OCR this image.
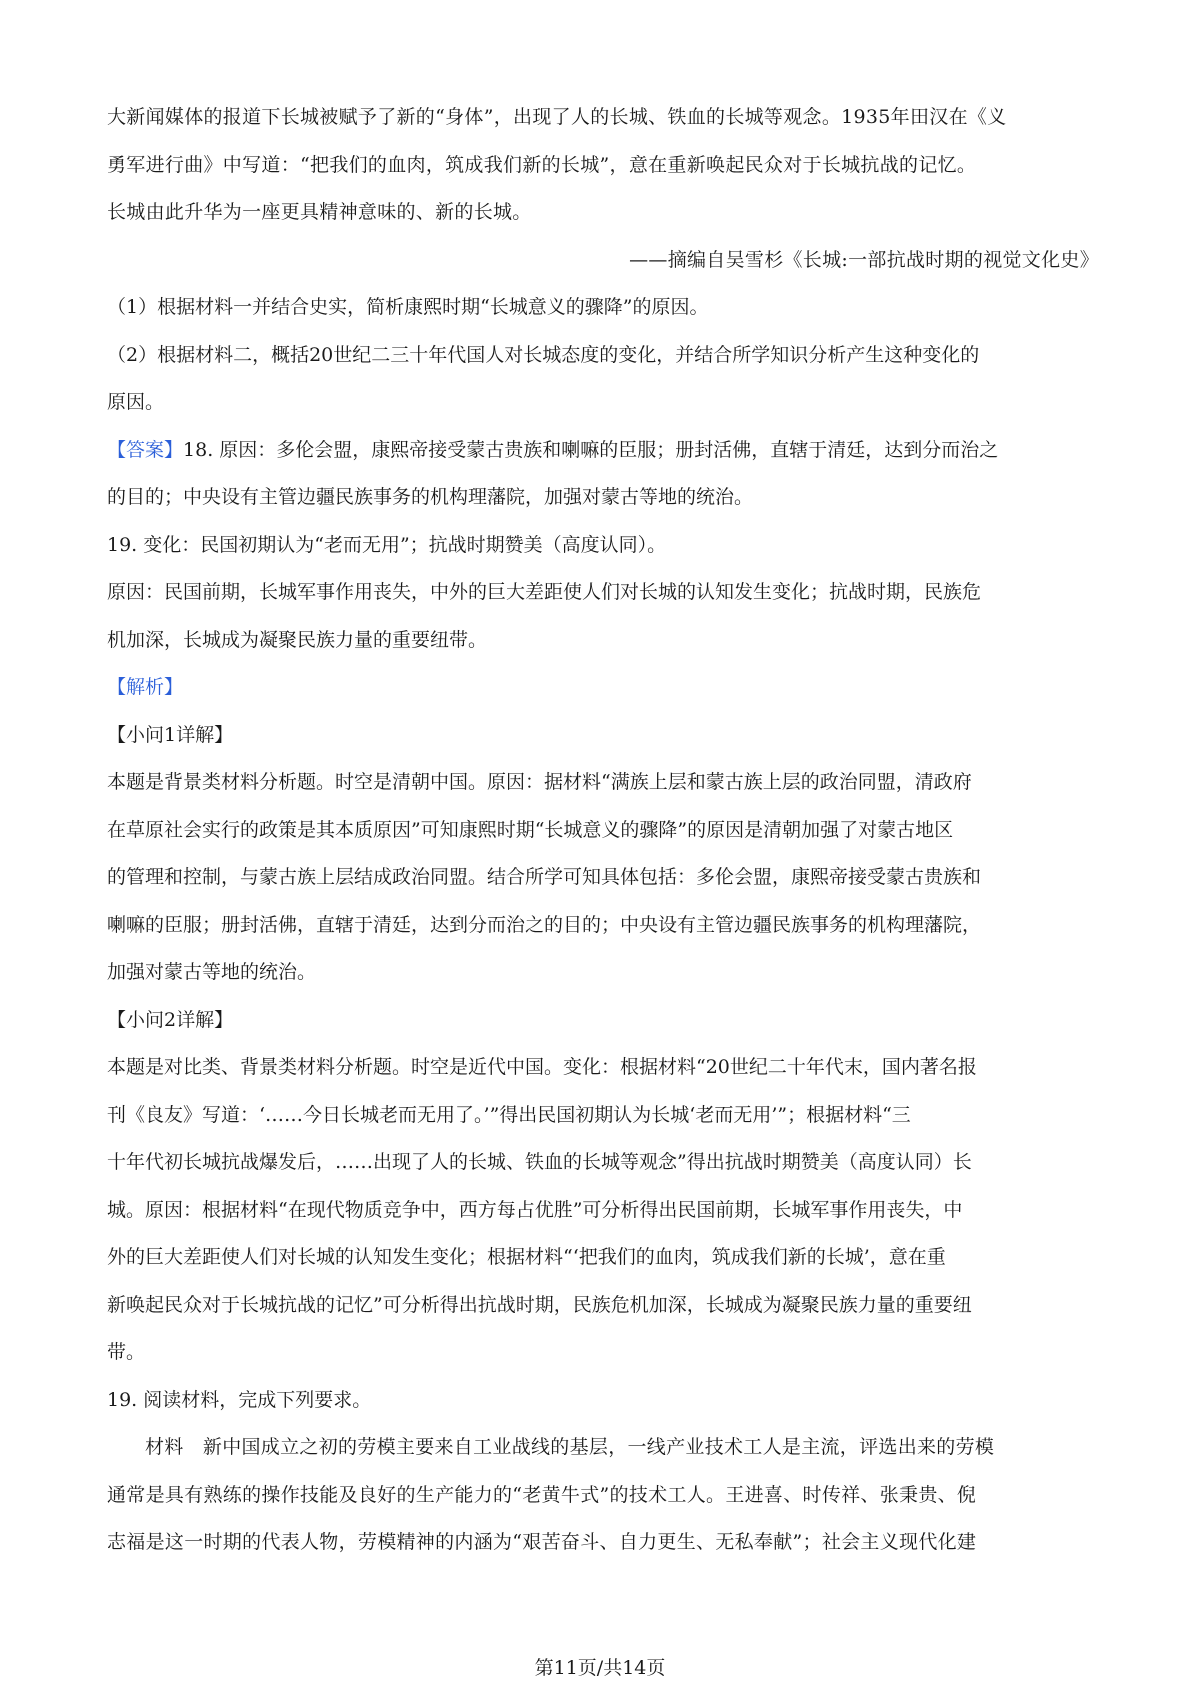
大新闻媒体的报道下长城被赋予了新的“身体”，出现了人的长城、铁血的长城等观念。1935年田汉在《义

勇军进行曲》中写道：“把我们的血肉，筑成我们新的长城”，意在重新唤起民众对于长城抗战的记忆。

长城由此升华为一座更具精神意味的、新的长城。

——摘编自吴雪杉《长城:一部抗战时期的视觉文化史》

（1）根据材料一并结合史实，简析康熙时期“长城意义的骤降”的原因。

（2）根据材料二，概括20世纪二三十年代国人对长城态度的变化，并结合所学知识分析产生这种变化的

原因。

【答案】18. 原因：多伦会盟，康熙帝接受蒙古贵族和喇嘛的臣服；册封活佛，直辖于清廷，达到分而治之

的目的；中央设有主管边疆民族事务的机构理藩院，加强对蒙古等地的统治。

19. 变化：民国初期认为“老而无用”；抗战时期赞美（高度认同）。

原因：民国前期，长城军事作用丧失，中外的巨大差距使人们对长城的认知发生变化；抗战时期，民族危

机加深，长城成为凝聚民族力量的重要纽带。

【解析】

【小问1详解】

本题是背景类材料分析题。时空是清朝中国。原因：据材料“满族上层和蒙古族上层的政治同盟，清政府

在草原社会实行的政策是其本质原因”可知康熙时期“长城意义的骤降”的原因是清朝加强了对蒙古地区

的管理和控制，与蒙古族上层结成政治同盟。结合所学可知具体包括：多伦会盟，康熙帝接受蒙古贵族和

喇嘛的臣服；册封活佛，直辖于清廷，达到分而治之的目的；中央设有主管边疆民族事务的机构理藩院，

加强对蒙古等地的统治。

【小问2详解】

本题是对比类、背景类材料分析题。时空是近代中国。变化：根据材料“20世纪二十年代末，国内著名报

刊《良友》写道：‘……今日长城老而无用了。’”得出民国初期认为长城‘老而无用’”；根据材料“三

十年代初长城抗战爆发后，……出现了人的长城、铁血的长城等观念”得出抗战时期赞美（高度认同）长

城。原因：根据材料“在现代物质竞争中，西方每占优胜”可分析得出民国前期，长城军事作用丧失，中

外的巨大差距使人们对长城的认知发生变化；根据材料“‘把我们的血肉，筑成我们新的长城’，意在重

新唤起民众对于长城抗战的记忆”可分析得出抗战时期，民族危机加深，长城成为凝聚民族力量的重要纽

带。

19. 阅读材料，完成下列要求。

材料　新中国成立之初的劳模主要来自工业战线的基层，一线产业技术工人是主流，评选出来的劳模

通常是具有熟练的操作技能及良好的生产能力的“老黄牛式”的技术工人。王进喜、时传祥、张秉贵、倪

志福是这一时期的代表人物，劳模精神的内涵为“艰苦奋斗、自力更生、无私奉献”；社会主义现代化建

第11页/共14页
